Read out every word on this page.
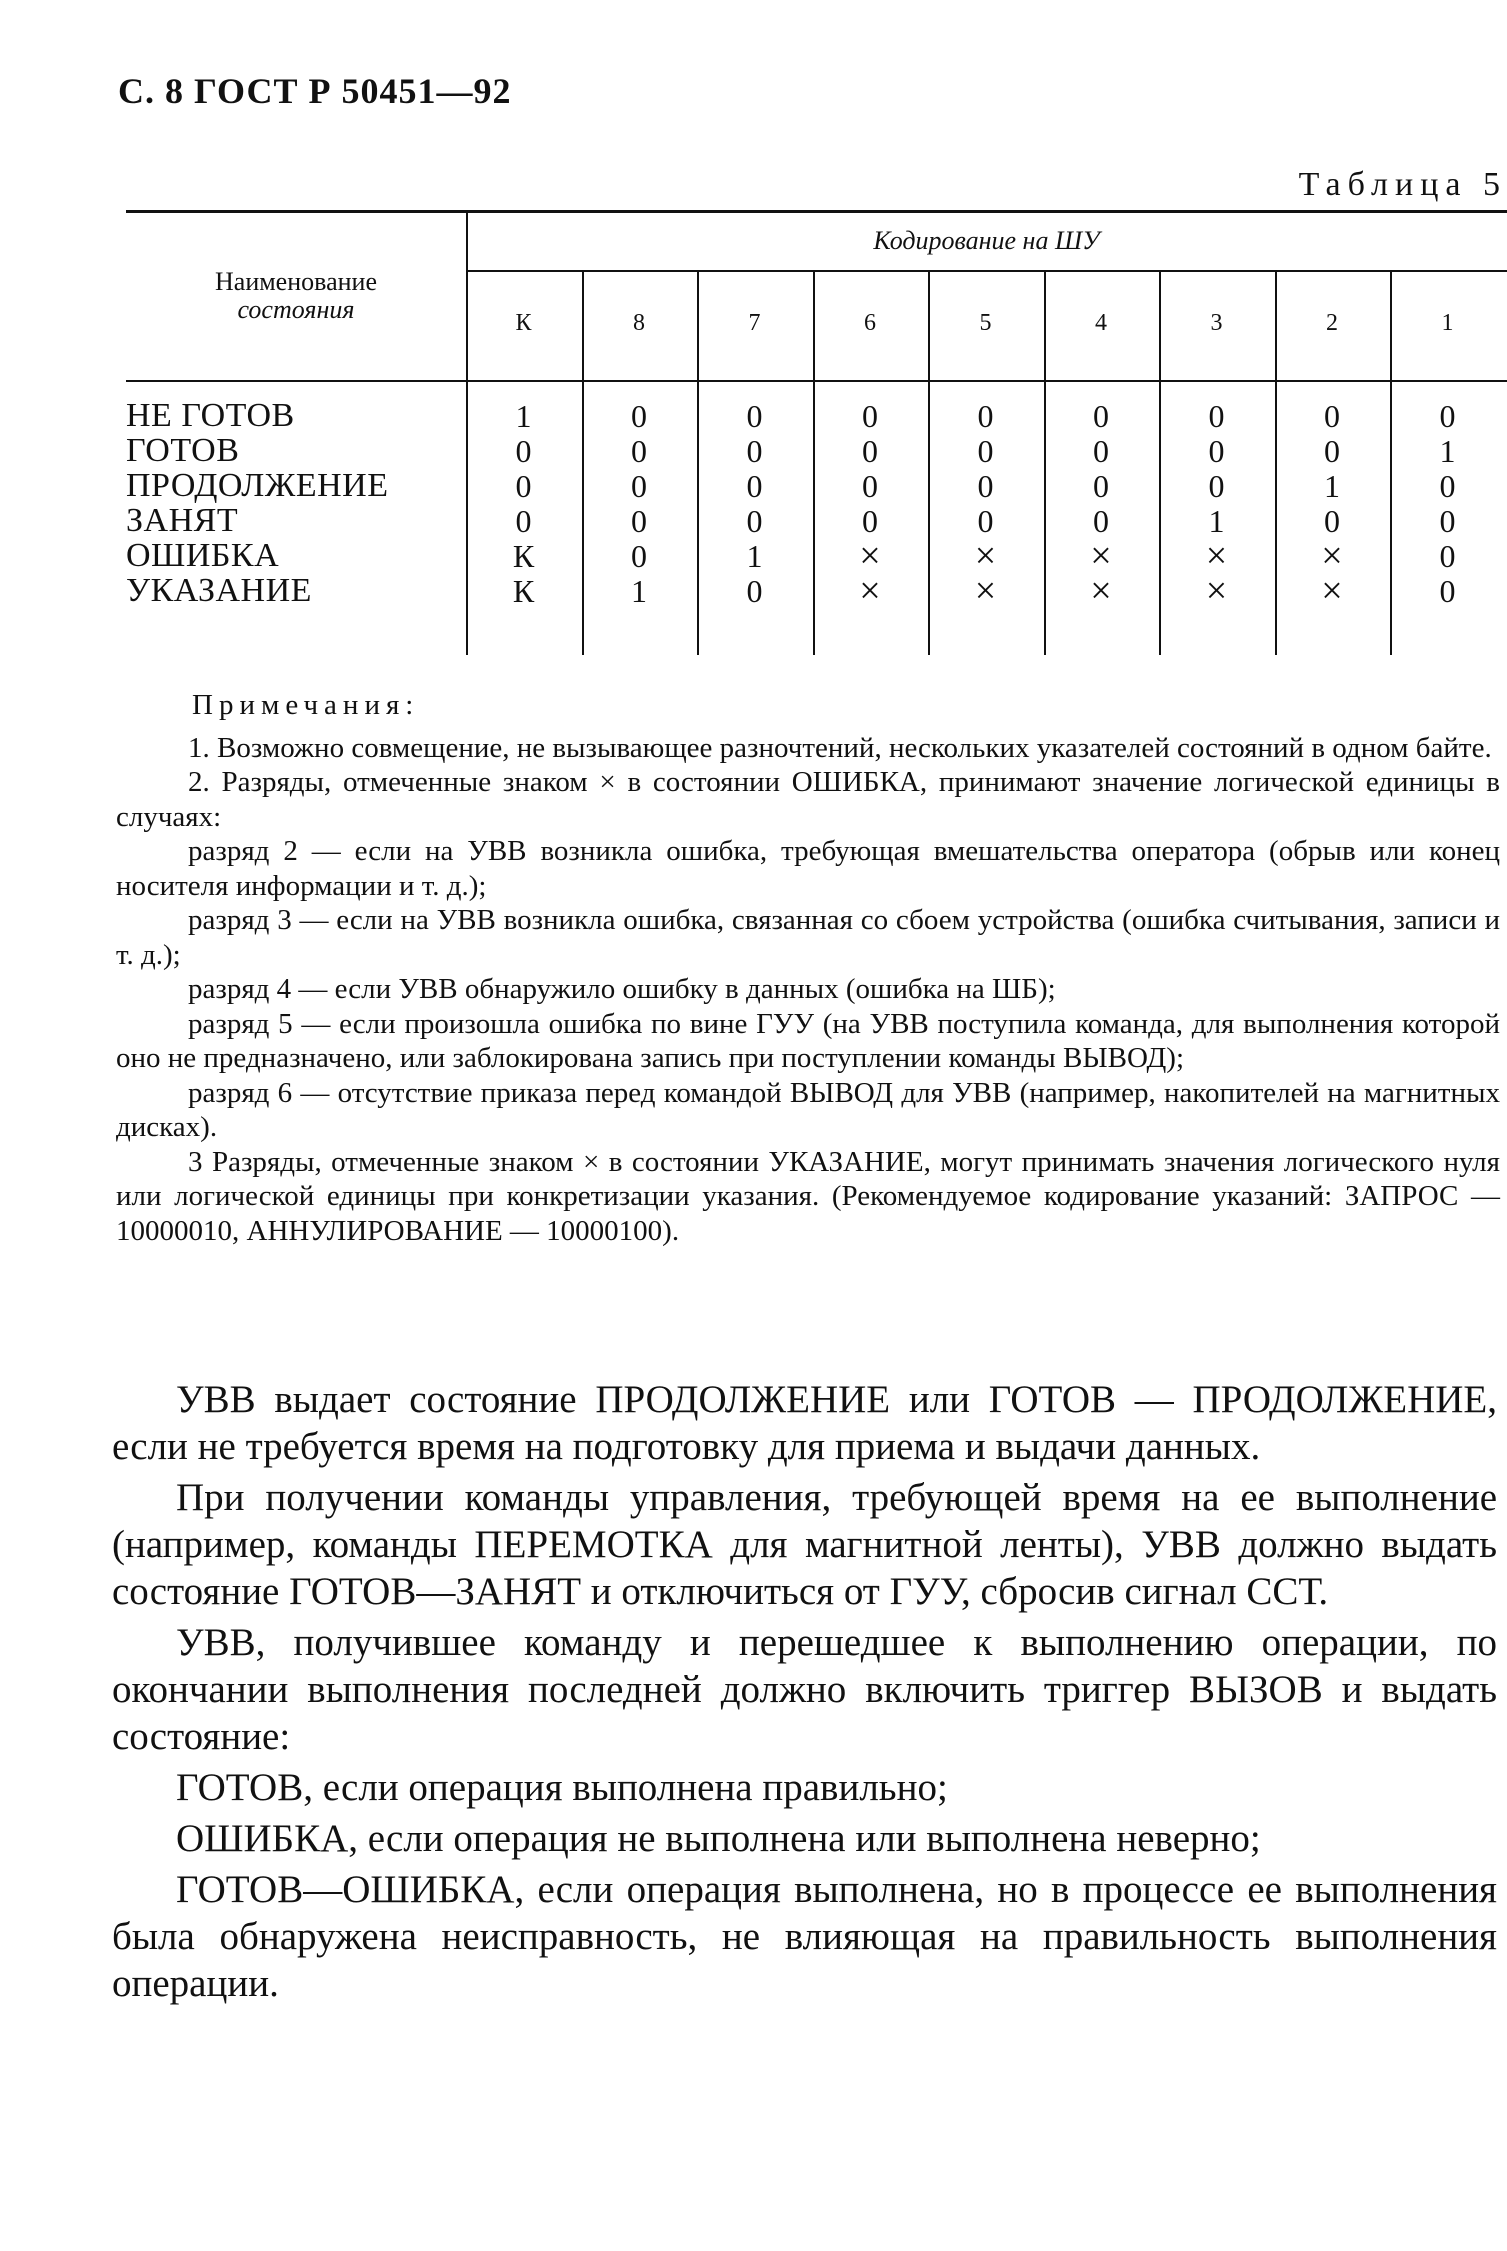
С. 8 ГОСТ Р 50451—92
Таблица 5
Наименование
состояния
Кодирование на ШУ
К	8	7	6	5	4	3	2	1
НЕ ГОТОВ	1	0	0	0	0	0	0	0	0
ГОТОВ	0	0	0	0	0	0	0	0	1
ПРОДОЛЖЕНИЕ	0	0	0	0	0	0	0	1	0
ЗАНЯТ	0	0	0	0	0	0	1	0	0
ОШИБКА	К	0	1	×	×	×	×	×	0
УКАЗАНИЕ	К	1	0	×	×	×	×	×	0
Примечания:

1. Возможно совмещение, не вызывающее разночтений, нескольких указателей состояний в одном байте.

2. Разряды, отмеченные знаком × в состоянии ОШИБКА, принимают значение логической единицы в случаях:

разряд 2 — если на УВВ возникла ошибка, требующая вмешательства оператора (обрыв или конец носителя информации и т. д.);

разряд 3 — если на УВВ возникла ошибка, связанная со сбоем устройства (ошибка считывания, записи и т. д.);

разряд 4 — если УВВ обнаружило ошибку в данных (ошибка на ШБ);

разряд 5 — если произошла ошибка по вине ГУУ (на УВВ поступила команда, для выполнения которой оно не предназначено, или заблокирована запись при поступлении команды ВЫВОД);

разряд 6 — отсутствие приказа перед командой ВЫВОД для УВВ (например, накопителей на магнитных дисках).

3 Разряды, отмеченные знаком × в состоянии УКАЗАНИЕ, могут принимать значения логического нуля или логической единицы при конкретизации указания. (Рекомендуемое кодирование указаний: ЗАПРОС — 10000010, АННУЛИРОВАНИЕ — 10000100).

УВВ выдает состояние ПРОДОЛЖЕНИЕ или ГОТОВ — ПРОДОЛЖЕНИЕ, если не требуется время на подготовку для приема и выдачи данных.

При получении команды управления, требующей время на ее выполнение (например, команды ПЕРЕМОТКА для магнитной ленты), УВВ должно выдать состояние ГОТОВ—ЗАНЯТ и отключиться от ГУУ, сбросив сигнал ССТ.

УВВ, получившее команду и перешедшее к выполнению операции, по окончании выполнения последней должно включить триггер ВЫЗОВ и выдать состояние:

ГОТОВ, если операция выполнена правильно;

ОШИБКА, если операция не выполнена или выполнена неверно;

ГОТОВ—ОШИБКА, если операция выполнена, но в процессе ее выполнения была обнаружена неисправность, не влияющая на правильность выполнения операции.
